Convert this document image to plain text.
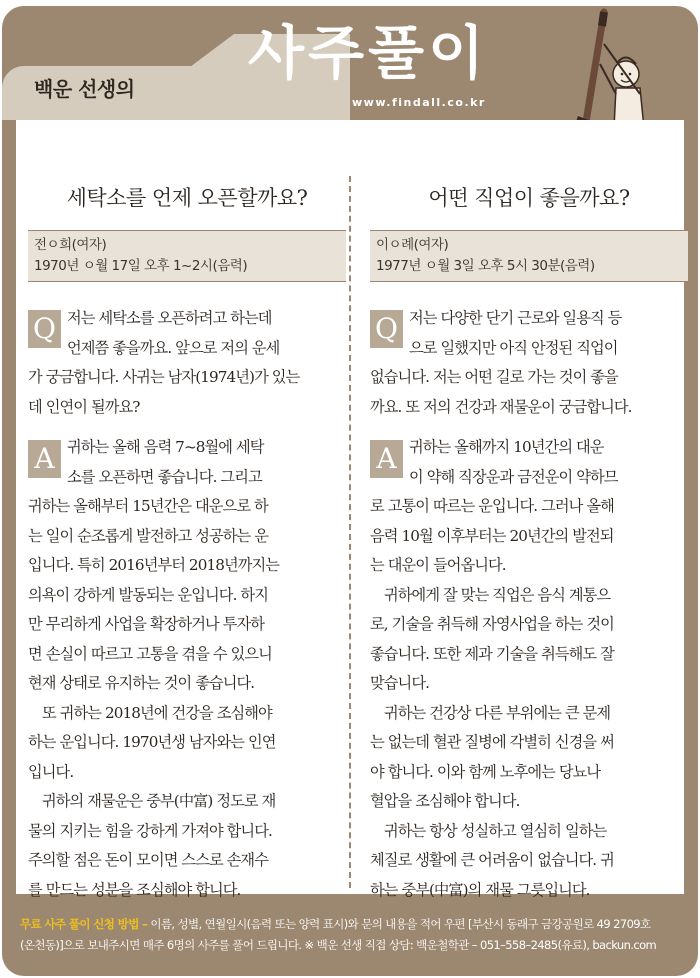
백운 선생의
사주풀이
www.findall.co.kr
세탁소를 언제 오픈할까요?
전ㅇ희(여자)
1970년 ㅇ월 17일 오후 1~2시(음력)
Q 저는 세탁소를 오픈하려고 하는데
언제쯤 좋을까요. 앞으로 저의 운세
가 궁금합니다. 사귀는 남자(1974년)가 있는
데 인연이 될까요?
A 귀하는 올해 음력 7~8월에 세탁
소를 오픈하면 좋습니다. 그리고
귀하는 올해부터 15년간은 대운으로 하
는 일이 순조롭게 발전하고 성공하는 운
입니다. 특히 2016년부터 2018년까지는
의욕이 강하게 발동되는 운입니다. 하지
만 무리하게 사업을 확장하거나 투자하
면 손실이 따르고 고통을 겪을 수 있으니
현재 상태로 유지하는 것이 좋습니다.
또 귀하는 2018년에 건강을 조심해야
하는 운입니다. 1970년생 남자와는 인연
입니다.
귀하의 재물운은 중부(中富) 정도로 재
물의 지키는 힘을 강하게 가져야 합니다.
주의할 점은 돈이 모이면 스스로 손재수
를 만드는 성분을 조심해야 합니다.
어떤 직업이 좋을까요?
이ㅇ례(여자)
1977년 ㅇ월 3일 오후 5시 30분(음력)
Q 저는 다양한 단기 근로와 일용직 등
으로 일했지만 아직 안정된 직업이
없습니다. 저는 어떤 길로 가는 것이 좋을
까요. 또 저의 건강과 재물운이 궁금합니다.
A 귀하는 올해까지 10년간의 대운
이 약해 직장운과 금전운이 약하므
로 고통이 따르는 운입니다. 그러나 올해
음력 10월 이후부터는 20년간의 발전되
는 대운이 들어옵니다.
귀하에게 잘 맞는 직업은 음식 계통으
로, 기술을 취득해 자영사업을 하는 것이
좋습니다. 또한 제과 기술을 취득해도 잘
맞습니다.
귀하는 건강상 다른 부위에는 큰 문제
는 없는데 혈관 질병에 각별히 신경을 써
야 합니다. 이와 함께 노후에는 당뇨나
혈압을 조심해야 합니다.
귀하는 항상 성실하고 열심히 일하는
체질로 생활에 큰 어려움이 없습니다. 귀
하는 중부(中富)의 재물 그릇입니다.
무료 사주 풀이 신청 방법 – 이름, 성별, 연월일시(음력 또는 양력 표시)와 문의 내용을 적어 우편 [부산시 동래구 금강공원로 49 2709호
(온천동)]으로 보내주시면 매주 6명의 사주를 풀어 드립니다. ※ 백운 선생 직접 상담: 백운철학관 – 051–558–2485(유료), backun.com
